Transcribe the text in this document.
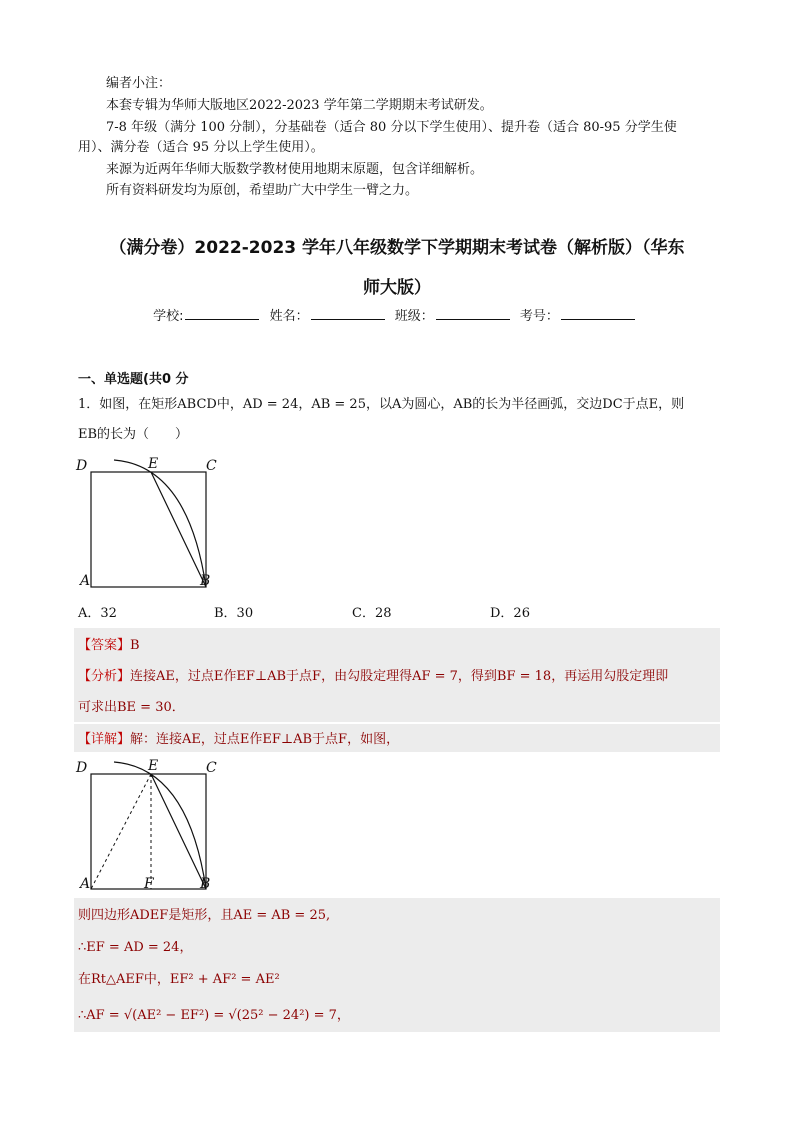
编者小注：
本套专辑为华师大版地区2022-2023 学年第二学期期末考试研发。
7-8 年级（满分 100 分制），分基础卷（适合 80 分以下学生使用）、提升卷（适合 80-95 分学生使
用）、满分卷（适合 95 分以上学生使用）。
来源为近两年华师大版数学教材使用地期末原题，包含详细解析。
所有资料研发均为原创，希望助广大中学生一臂之力。
（满分卷）2022-2023 学年八年级数学下学期期末考试卷（解析版）（华东
师大版）
学校:	姓名：	班级：	考号：
一、单选题(共0 分
1．如图，在矩形ABCD中，AD = 24，AB = 25，以A为圆心，AB的长为半径画弧，交边DC于点E，则
EB的长为（　　）
D	E	C
A	B
A．32	B．30	C．28	D．26
【答案】B
【分析】连接AE，过点E作EF⊥AB于点F，由勾股定理得AF = 7，得到BF = 18，再运用勾股定理即
可求出BE = 30．
【详解】解：连接AE，过点E作EF⊥AB于点F，如图，
D	E	C
A	F	B
则四边形ADEF是矩形，且AE = AB = 25,
∴EF = AD = 24，
在Rt△AEF中，EF² + AF² = AE²
∴AF = √(AE² − EF²) = √(25² − 24²) = 7，
